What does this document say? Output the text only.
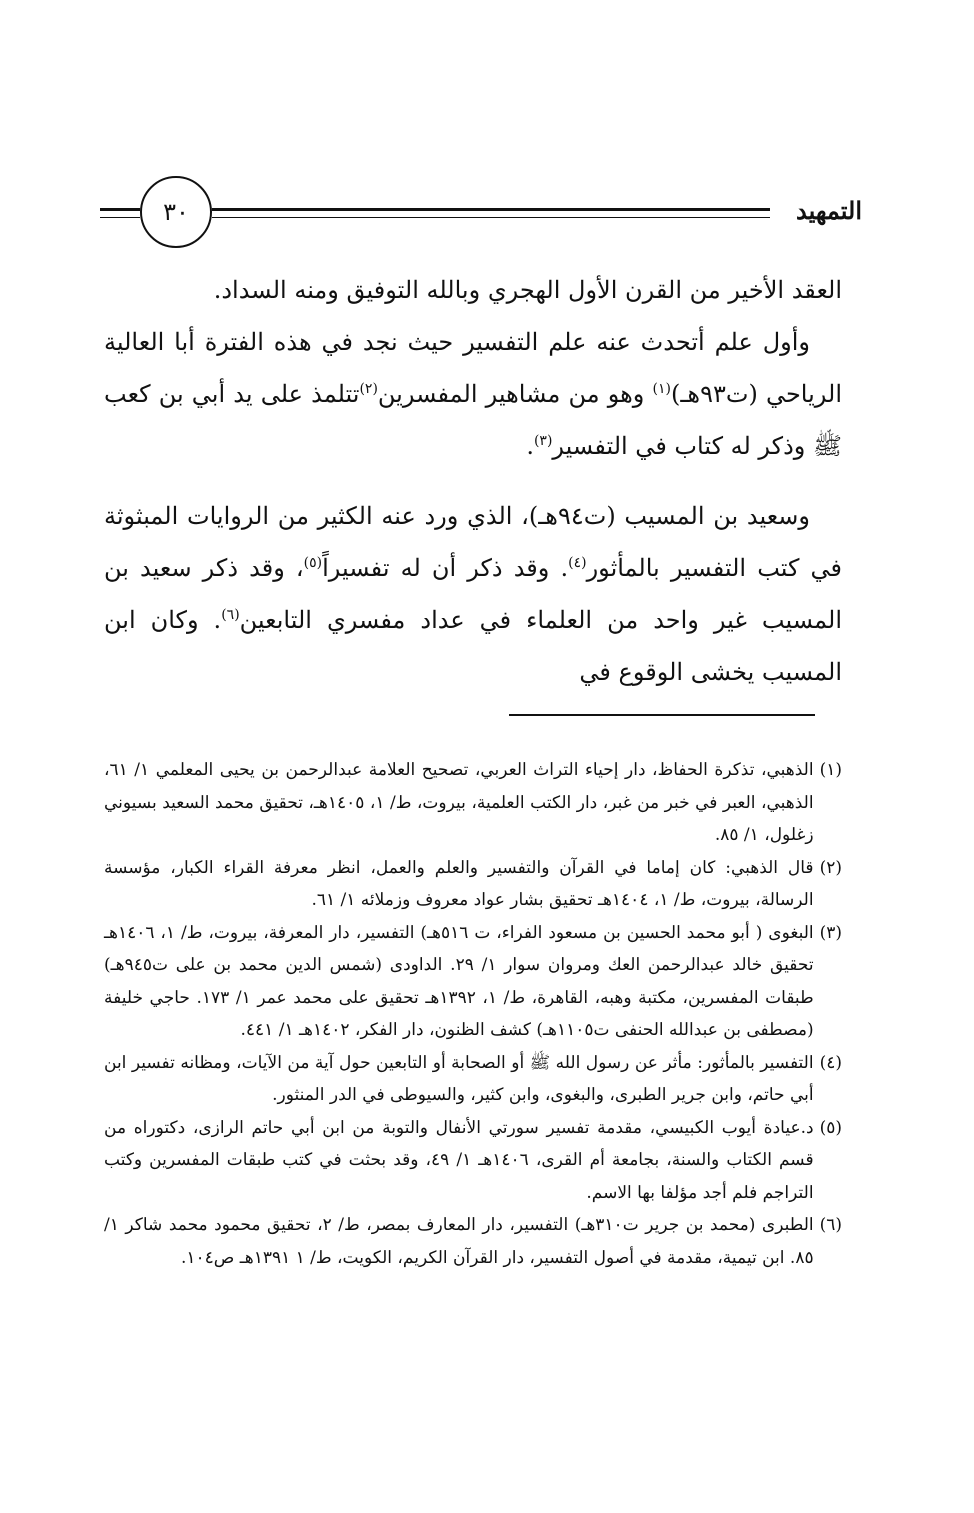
٣٠	التمهيد

العقد الأخير من القرن الأول الهجري وبالله التوفيق ومنه السداد.

وأول علم أتحدث عنه علم التفسير حيث نجد في هذه الفترة أبا العالية الرياحي (ت٩٣هـ)$^{(١)}$ وهو من مشاهير المفسرين$^{(٢)}$تتلمذ على يد أبي بن كعب ﷺ وذكر له كتاب في التفسير$^{(٣)}$.

وسعيد بن المسيب (ت٩٤هـ)، الذي ورد عنه الكثير من الروايات المبثوثة في كتب التفسير بالمأثور$^{(٤)}$. وقد ذكر أن له تفسيراً$^{(٥)}$، وقد ذكر سعيد بن المسيب غير واحد من العلماء في عداد مفسري التابعين$^{(٦)}$. وكان ابن المسيب يخشى الوقوع في

(١)
الذهبي، تذكرة الحفاظ، دار إحياء التراث العربي، تصحيح العلامة عبدالرحمن بن يحيى المعلمي ١/ ٦١، الذهبي، العبر في خبر من غبر، دار الكتب العلمية، بيروت، ط/ ١، ١٤٠٥هـ، تحقيق محمد السعيد بسيوني زغلول، ١/ ٨٥.
(٢)
قال الذهبي: كان إماما في القرآن والتفسير والعلم والعمل، انظر معرفة القراء الكبار، مؤسسة الرسالة، بيروت، ط/ ١، ١٤٠٤هـ تحقيق بشار عواد معروف وزملائه ١/ ٦١.
(٣)
البغوى ( أبو محمد الحسين بن مسعود الفراء، ت ٥١٦هـ) التفسير، دار المعرفة، بيروت، ط/ ١، ١٤٠٦هـ تحقيق خالد عبدالرحمن العك ومروان سوار ١/ ٢٩. الداودى (شمس الدين محمد بن على ت٩٤٥هـ) طبقات المفسرين، مكتبة وهبه، القاهرة، ط/ ١، ١٣٩٢هـ تحقيق على محمد عمر ١/ ١٧٣. حاجي خليفة (مصطفى بن عبدالله الحنفى ت١١٠٥هـ) كشف الظنون، دار الفكر، ١٤٠٢هـ ١/ ٤٤١.
(٤)
التفسير بالمأثور: مأثر عن رسول الله ﷺ أو الصحابة أو التابعين حول آية من الآيات، ومظانه تفسير ابن أبي حاتم، وابن جرير الطبرى، والبغوى، وابن كثير، والسيوطى في الدر المنثور.
(٥)
د.عيادة أيوب الكبيسي، مقدمة تفسير سورتي الأنفال والتوبة من ابن أبي حاتم الرازى، دكتوراه من قسم الكتاب والسنة، بجامعة أم القرى، ١٤٠٦هـ ١/ ٤٩، وقد بحثت في كتب طبقات المفسرين وكتب التراجم فلم أجد مؤلفا بها الاسم.
(٦)
الطبرى (محمد بن جرير ت٣١٠هـ) التفسير، دار المعارف بمصر، ط/ ٢، تحقيق محمود محمد شاكر ١/ ٨٥. ابن تيمية، مقدمة في أصول التفسير، دار القرآن الكريم، الكويت، ط/ ١ ١٣٩١هـ ص١٠٤.
